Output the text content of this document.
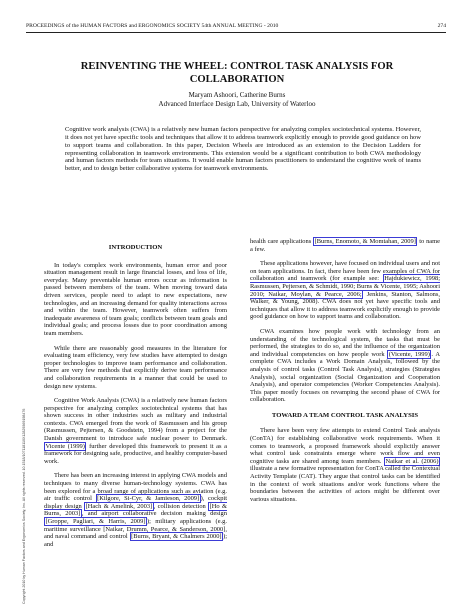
PROCEEDINGS of the HUMAN FACTORS and ERGONOMICS SOCIETY 54th ANNUAL MEETING - 2010	274
REINVENTING THE WHEEL: CONTROL TASK ANALYSIS FOR
COLLABORATION
Maryam Ashoori, Catherine Burns
Advanced Interface Design Lab, University of Waterloo
Cognitive work analysis (CWA) is a relatively new human factors perspective for analyzing complex sociotechnical systems. However, it does not yet have specific tools and techniques that allow it to address teamwork explicitly enough to provide good guidance on how to support teams and collaboration. In this paper, Decision Wheels are introduced as an extension to the Decision Ladders for representing collaboration in teamwork environments. This extension would be a significant contribution to both CWA methodology and human factors methods for team situations. It would enable human factors practitioners to understand the cognitive work of teams better, and to design better collaborative systems for teamwork environments.
Copyright 2010 by Human Factors and Ergonomics Society, Inc. All rights reserved. 10.1518/107118110X12829369198476
INTRODUCTION

In today's complex work environments, human error and poor situation management result in large financial losses, and loss of life, everyday. Many preventable human errors occur as information is passed between members of the team. When moving toward data driven services, people need to adapt to new expectations, new technologies, and an increasing demand for quality interactions across and within the team. However, teamwork often suffers from inadequate awareness of team goals; conflicts between team goals and individual goals; and process losses due to poor coordination among team members.

While there are reasonably good measures in the literature for evaluating team efficiency, very few studies have attempted to design proper technologies to improve team performance and collaboration. There are very few methods that explicitly derive team performance and collaboration requirements in a manner that could be used to design new systems.

Cognitive Work Analysis (CWA) is a relatively new human factors perspective for analyzing complex sociotechnical systems that has shown success in other industries such as military and industrial contexts. CWA emerged from the work of Rasmussen and his group (Rasmussen, Pejtersen, & Goodstein, 1994) from a project for the Danish government to introduce safe nuclear power to Denmark. Vicente (1999) further developed this framework to present it as a framework for designing safe, productive, and healthy computer-based work.

There has been an increasing interest in applying CWA models and techniques to many diverse human-technology systems. CWA has been explored for a broad range of applications such as aviation (e.g. air traffic control [Kilgore, Si-Cyr, & Jamieson, 2009] ), cockpit display design [Hach & Amelink, 2003] , collision detection [Ho & Burns, 2003] , and airport collaborative decision making design [Groppe, Pagliari, & Harris, 2009] ); military applications (e.g. maritime surveillance [Naikar, Drumm, Pearce, & Sanderson, 2000], and naval command and control [Burns, Bryant, & Chalmers 2000] ); and

health care applications [Burns, Enomoto, & Momtahan, 2009] to name a few.

These applications however, have focused on individual users and not on team applications. In fact, there have been few examples of CWA for collaboration and teamwork (for example see: Hajdukiewicz, 1998; Rasmussen, Pejtersen, & Schmidt, 1990; Burns & Vicente, 1995; Ashoori 2010; Naikar, Moylan, & Pearce, 2006; Jenkins, Stanton, Salmons, Walker, & Young, 2008). CWA does not yet have specific tools and techniques that allow it to address teamwork explicitly enough to provide good guidance on how to support teams and collaboration.

CWA examines how people work with technology from an understanding of the technological system, the tasks that must be performed, the strategies to do so, and the influence of the organization and individual competencies on how people work (Vicente, 1999) . A complete CWA includes a Work Domain Analysis, followed by the analysis of control tasks (Control Task Analysis), strategies (Strategies Analysis), social organization (Social Organization and Cooperation Analysis), and operator competencies (Worker Competencies Analysis). This paper mostly focuses on revamping the second phase of CWA for collaboration.

TOWARD A TEAM CONTROL TASK ANALYSIS

There have been very few attempts to extend Control Task analysis (ConTA) for establishing collaborative work requirements. When it comes to teamwork, a proposed framework should explicitly answer what control task constraints emerge where work flow and even cognitive tasks are shared among team members. Naikar et al. (2006) illustrate a new formative representation for ConTA called the Contextual Activity Template (CAT). They argue that control tasks can be identified in the context of work situations and/or work functions where the boundaries between the activities of actors might be different over various situations.
